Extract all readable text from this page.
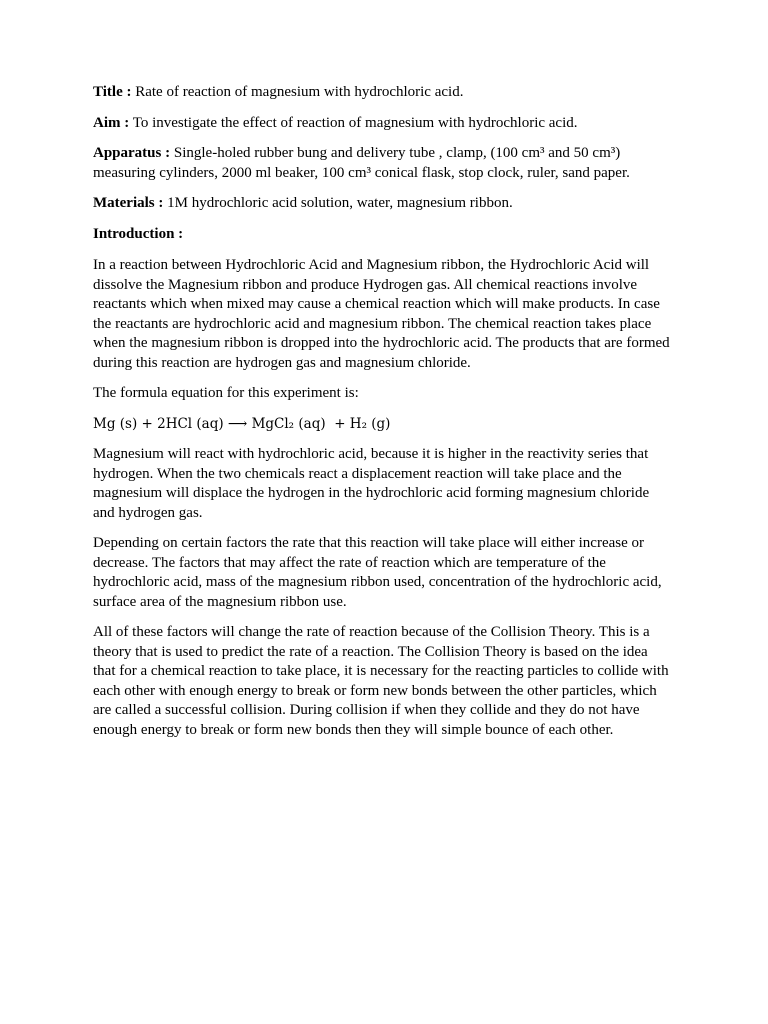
Title : Rate of reaction of magnesium with hydrochloric acid.

Aim : To investigate the effect of reaction of magnesium with hydrochloric acid.

Apparatus : Single-holed rubber bung and delivery tube , clamp, (100 cm³ and 50 cm³) measuring cylinders, 2000 ml beaker, 100 cm³ conical flask, stop clock, ruler, sand paper.

Materials : 1M hydrochloric acid solution, water, magnesium ribbon.

Introduction :

In a reaction between Hydrochloric Acid and Magnesium ribbon, the Hydrochloric Acid will dissolve the Magnesium ribbon and produce Hydrogen gas. All chemical reactions involve reactants which when mixed may cause a chemical reaction which will make products. In case the reactants are hydrochloric acid and magnesium ribbon. The chemical reaction takes place when the magnesium ribbon is dropped into the hydrochloric acid. The products that are formed during this reaction are hydrogen gas and magnesium chloride.

The formula equation for this experiment is:

Mg (s) + 2HCl (aq) ⟶ MgCl₂ (aq)  + H₂ (g)

Magnesium will react with hydrochloric acid, because it is higher in the reactivity series that hydrogen. When the two chemicals react a displacement reaction will take place and the magnesium will displace the hydrogen in the hydrochloric acid forming magnesium chloride and hydrogen gas.

Depending on certain factors the rate that this reaction will take place will either increase or decrease. The factors that may affect the rate of reaction which are temperature of the hydrochloric acid, mass of the magnesium ribbon used, concentration of the hydrochloric acid, surface area of the magnesium ribbon use.

All of these factors will change the rate of reaction because of the Collision Theory. This is a theory that is used to predict the rate of a reaction. The Collision Theory is based on the idea that for a chemical reaction to take place, it is necessary for the reacting particles to collide with each other with enough energy to break or form new bonds between the other particles, which are called a successful collision. During collision if when they collide and they do not have enough energy to break or form new bonds then they will simple bounce of each other.
